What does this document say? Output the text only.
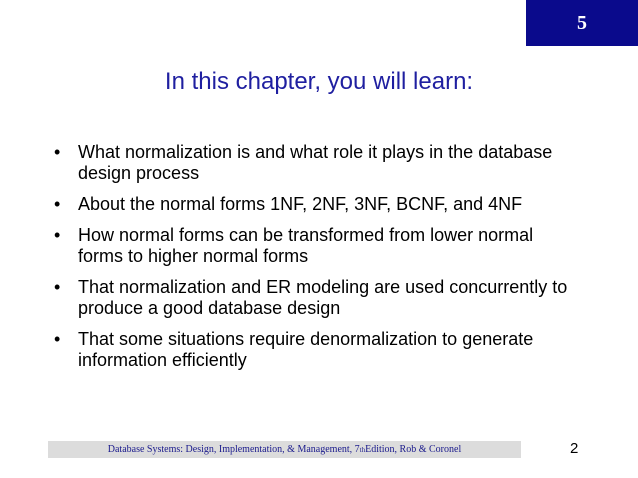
5
In this chapter, you will learn:
• What normalization is and what role it plays in the database design process
• About the normal forms 1NF, 2NF, 3NF, BCNF, and 4NF
• How normal forms can be transformed from lower normal forms to higher normal forms
• That normalization and ER modeling are used concurrently to produce a good database design
• That some situations require denormalization to generate information efficiently
Database Systems: Design, Implementation, & Management, 7 th Edition, Rob & Coronel	2
